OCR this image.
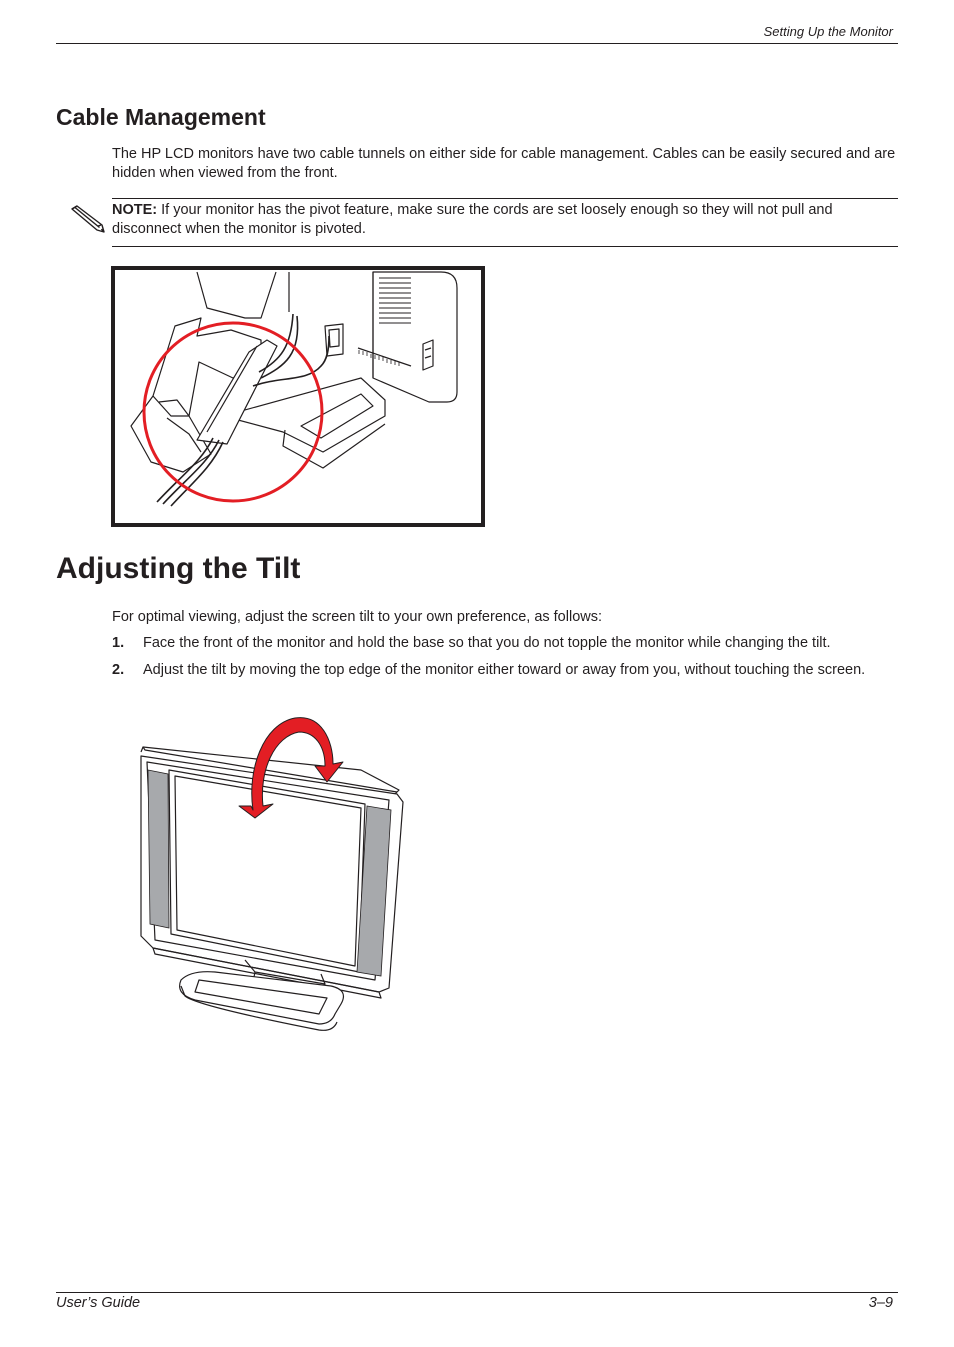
Setting Up the Monitor
Cable Management

The HP LCD monitors have two cable tunnels on either side for cable management. Cables can be easily secured and are hidden when viewed from the front.

NOTE: If your monitor has the pivot feature, make sure the cords are set loosely enough so they will not pull and disconnect when the monitor is pivoted.

Adjusting the Tilt

For optimal viewing, adjust the screen tilt to your own preference, as follows:

1. Face the front of the monitor and hold the base so that you do not topple the monitor while changing the tilt.
2. Adjust the tilt by moving the top edge of the monitor either toward or away from you, without touching the screen.
User’s Guide	3–9
